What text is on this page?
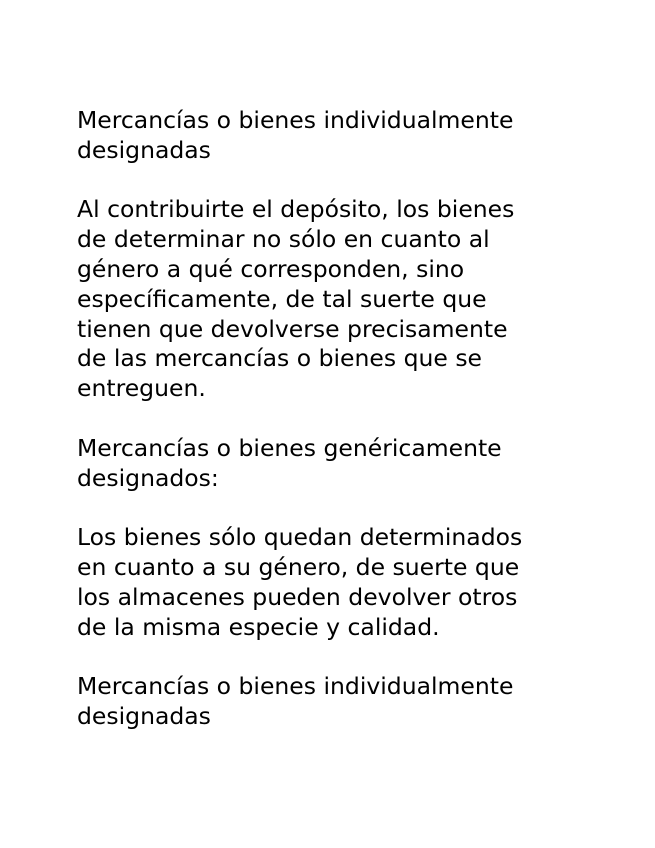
Mercancías o bienes individualmente
designadas

Al contribuirte el depósito, los bienes
de determinar no sólo en cuanto al
género a qué corresponden, sino
específicamente, de tal suerte que
tienen que devolverse precisamente
de las mercancías o bienes que se
entreguen.

Mercancías o bienes genéricamente
designados:

Los bienes sólo quedan determinados
en cuanto a su género, de suerte que
los almacenes pueden devolver otros
de la misma especie y calidad.

Mercancías o bienes individualmente
designadas
